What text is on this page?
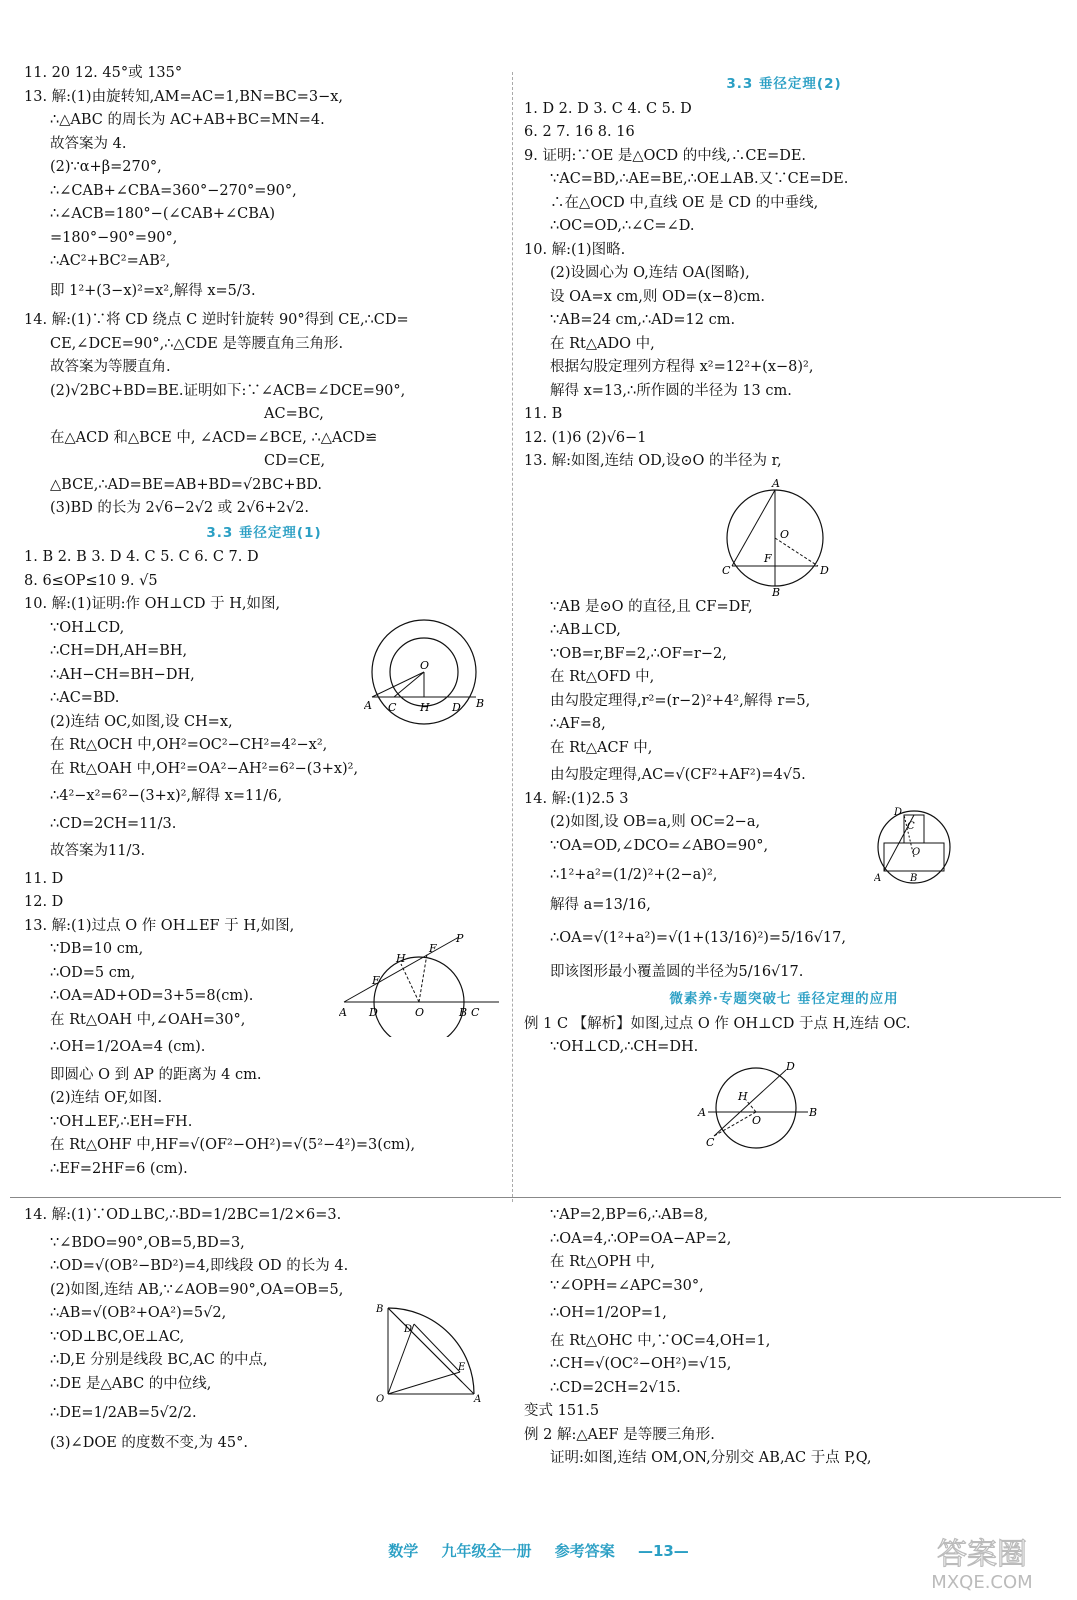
11. 20 12. 45°或 135°
13. 解:(1)由旋转知,AM=AC=1,BN=BC=3−x,
∴△ABC 的周长为 AC+AB+BC=MN=4.
故答案为 4.
(2)∵α+β=270°,
∴∠CAB+∠CBA=360°−270°=90°,
∴∠ACB=180°−(∠CAB+∠CBA)
=180°−90°=90°,
∴AC²+BC²=AB²,
即 1²+(3−x)²=x²,解得 x=5/3.
14. 解:(1)∵将 CD 绕点 C 逆时针旋转 90°得到 CE,∴CD=
CE,∠DCE=90°,∴△CDE 是等腰直角三角形.
故答案为等腰直角.
(2)√2BC+BD=BE.证明如下:∵∠ACB=∠DCE=90°,
AC=BC,
在△ACD 和△BCE 中, ∠ACD=∠BCE, ∴△ACD≌
CD=CE,
△BCE,∴AD=BE=AB+BD=√2BC+BD.
(3)BD 的长为 2√6−2√2 或 2√6+2√2.
3.3 垂径定理(1)
1. B 2. B 3. D 4. C 5. C 6. C 7. D
8. 6≤OP≤10 9. √5
10. 解:(1)证明:作 OH⊥CD 于 H,如图,
O
A C H D B
∵OH⊥CD,
∴CH=DH,AH=BH,
∴AH−CH=BH−DH,
∴AC=BD.
(2)连结 OC,如图,设 CH=x,
在 Rt△OCH 中,OH²=OC²−CH²=4²−x²,
在 Rt△OAH 中,OH²=OA²−AH²=6²−(3+x)²,
∴4²−x²=6²−(3+x)²,解得 x=11/6,
∴CD=2CH=11/3.
故答案为11/3.
11. D
12. D
13. 解:(1)过点 O 作 OH⊥EF 于 H,如图,
P
F
E
H
A D	O	B C
∵DB=10 cm,
∴OD=5 cm,
∴OA=AD+OD=3+5=8(cm).
在 Rt△OAH 中,∠OAH=30°,
∴OH=1/2OA=4 (cm).
即圆心 O 到 AP 的距离为 4 cm.
(2)连结 OF,如图.
∵OH⊥EF,∴EH=FH.
在 Rt△OHF 中,HF=√(OF²−OH²)=√(5²−4²)=3(cm),
∴EF=2HF=6 (cm).
3.3 垂径定理(2)
1. D 2. D 3. C 4. C 5. D
6. 2 7. 16 8. 16
9. 证明:∵OE 是△OCD 的中线,∴CE=DE.
∵AC=BD,∴AE=BE,∴OE⊥AB.又∵CE=DE.
∴在△OCD 中,直线 OE 是 CD 的中垂线,
∴OC=OD,∴∠C=∠D.
10. 解:(1)图略.
(2)设圆心为 O,连结 OA(图略),
设 OA=x cm,则 OD=(x−8)cm.
∵AB=24 cm,∴AD=12 cm.
在 Rt△ADO 中,
根据勾股定理列方程得 x²=12²+(x−8)²,
解得 x=13,∴所作圆的半径为 13 cm.
11. B
12. (1)6 (2)√6−1
13. 解:如图,连结 OD,设⊙O 的半径为 r,
A
O
F
C	D
B
∵AB 是⊙O 的直径,且 CF=DF,
∴AB⊥CD,
∵OB=r,BF=2,∴OF=r−2,
在 Rt△OFD 中,
由勾股定理得,r²=(r−2)²+4²,解得 r=5,
∴AF=8,
在 Rt△ACF 中,
由勾股定理得,AC=√(CF²+AF²)=4√5.
14. 解:(1)2.5 3
D
C
O
A	B
(2)如图,设 OB=a,则 OC=2−a,
∵OA=OD,∠DCO=∠ABO=90°,
∴1²+a²=(1/2)²+(2−a)²,
解得 a=13/16,
∴OA=√(1²+a²)=√(1+(13/16)²)=5/16√17,
即该图形最小覆盖圆的半径为5/16√17.
微素养·专题突破七 垂径定理的应用
例 1 C 【解析】如图,过点 O 作 OH⊥CD 于点 H,连结 OC.
∵OH⊥CD,∴CH=DH.
D
H
A
O
B
C
14. 解:(1)∵OD⊥BC,∴BD=1/2BC=1/2×6=3.
∵∠BDO=90°,OB=5,BD=3,
∴OD=√(OB²−BD²)=4,即线段 OD 的长为 4.
(2)如图,连结 AB,∵∠AOB=90°,OA=OB=5,
B
D
E
O	A
∴AB=√(OB²+OA²)=5√2,
∵OD⊥BC,OE⊥AC,
∴D,E 分别是线段 BC,AC 的中点,
∴DE 是△ABC 的中位线,
∴DE=1/2AB=5√2/2.
(3)∠DOE 的度数不变,为 45°.
∵AP=2,BP=6,∴AB=8,
∴OA=4,∴OP=OA−AP=2,
在 Rt△OPH 中,
∵∠OPH=∠APC=30°,
∴OH=1/2OP=1,
在 Rt△OHC 中,∵OC=4,OH=1,
∴CH=√(OC²−OH²)=√15,
∴CD=2CH=2√15.
变式 151.5
例 2 解:△AEF 是等腰三角形.
证明:如图,连结 OM,ON,分别交 AB,AC 于点 P,Q,
数学 九年级全一册 参考答案 —13—	答案圈
MXQE.COM
